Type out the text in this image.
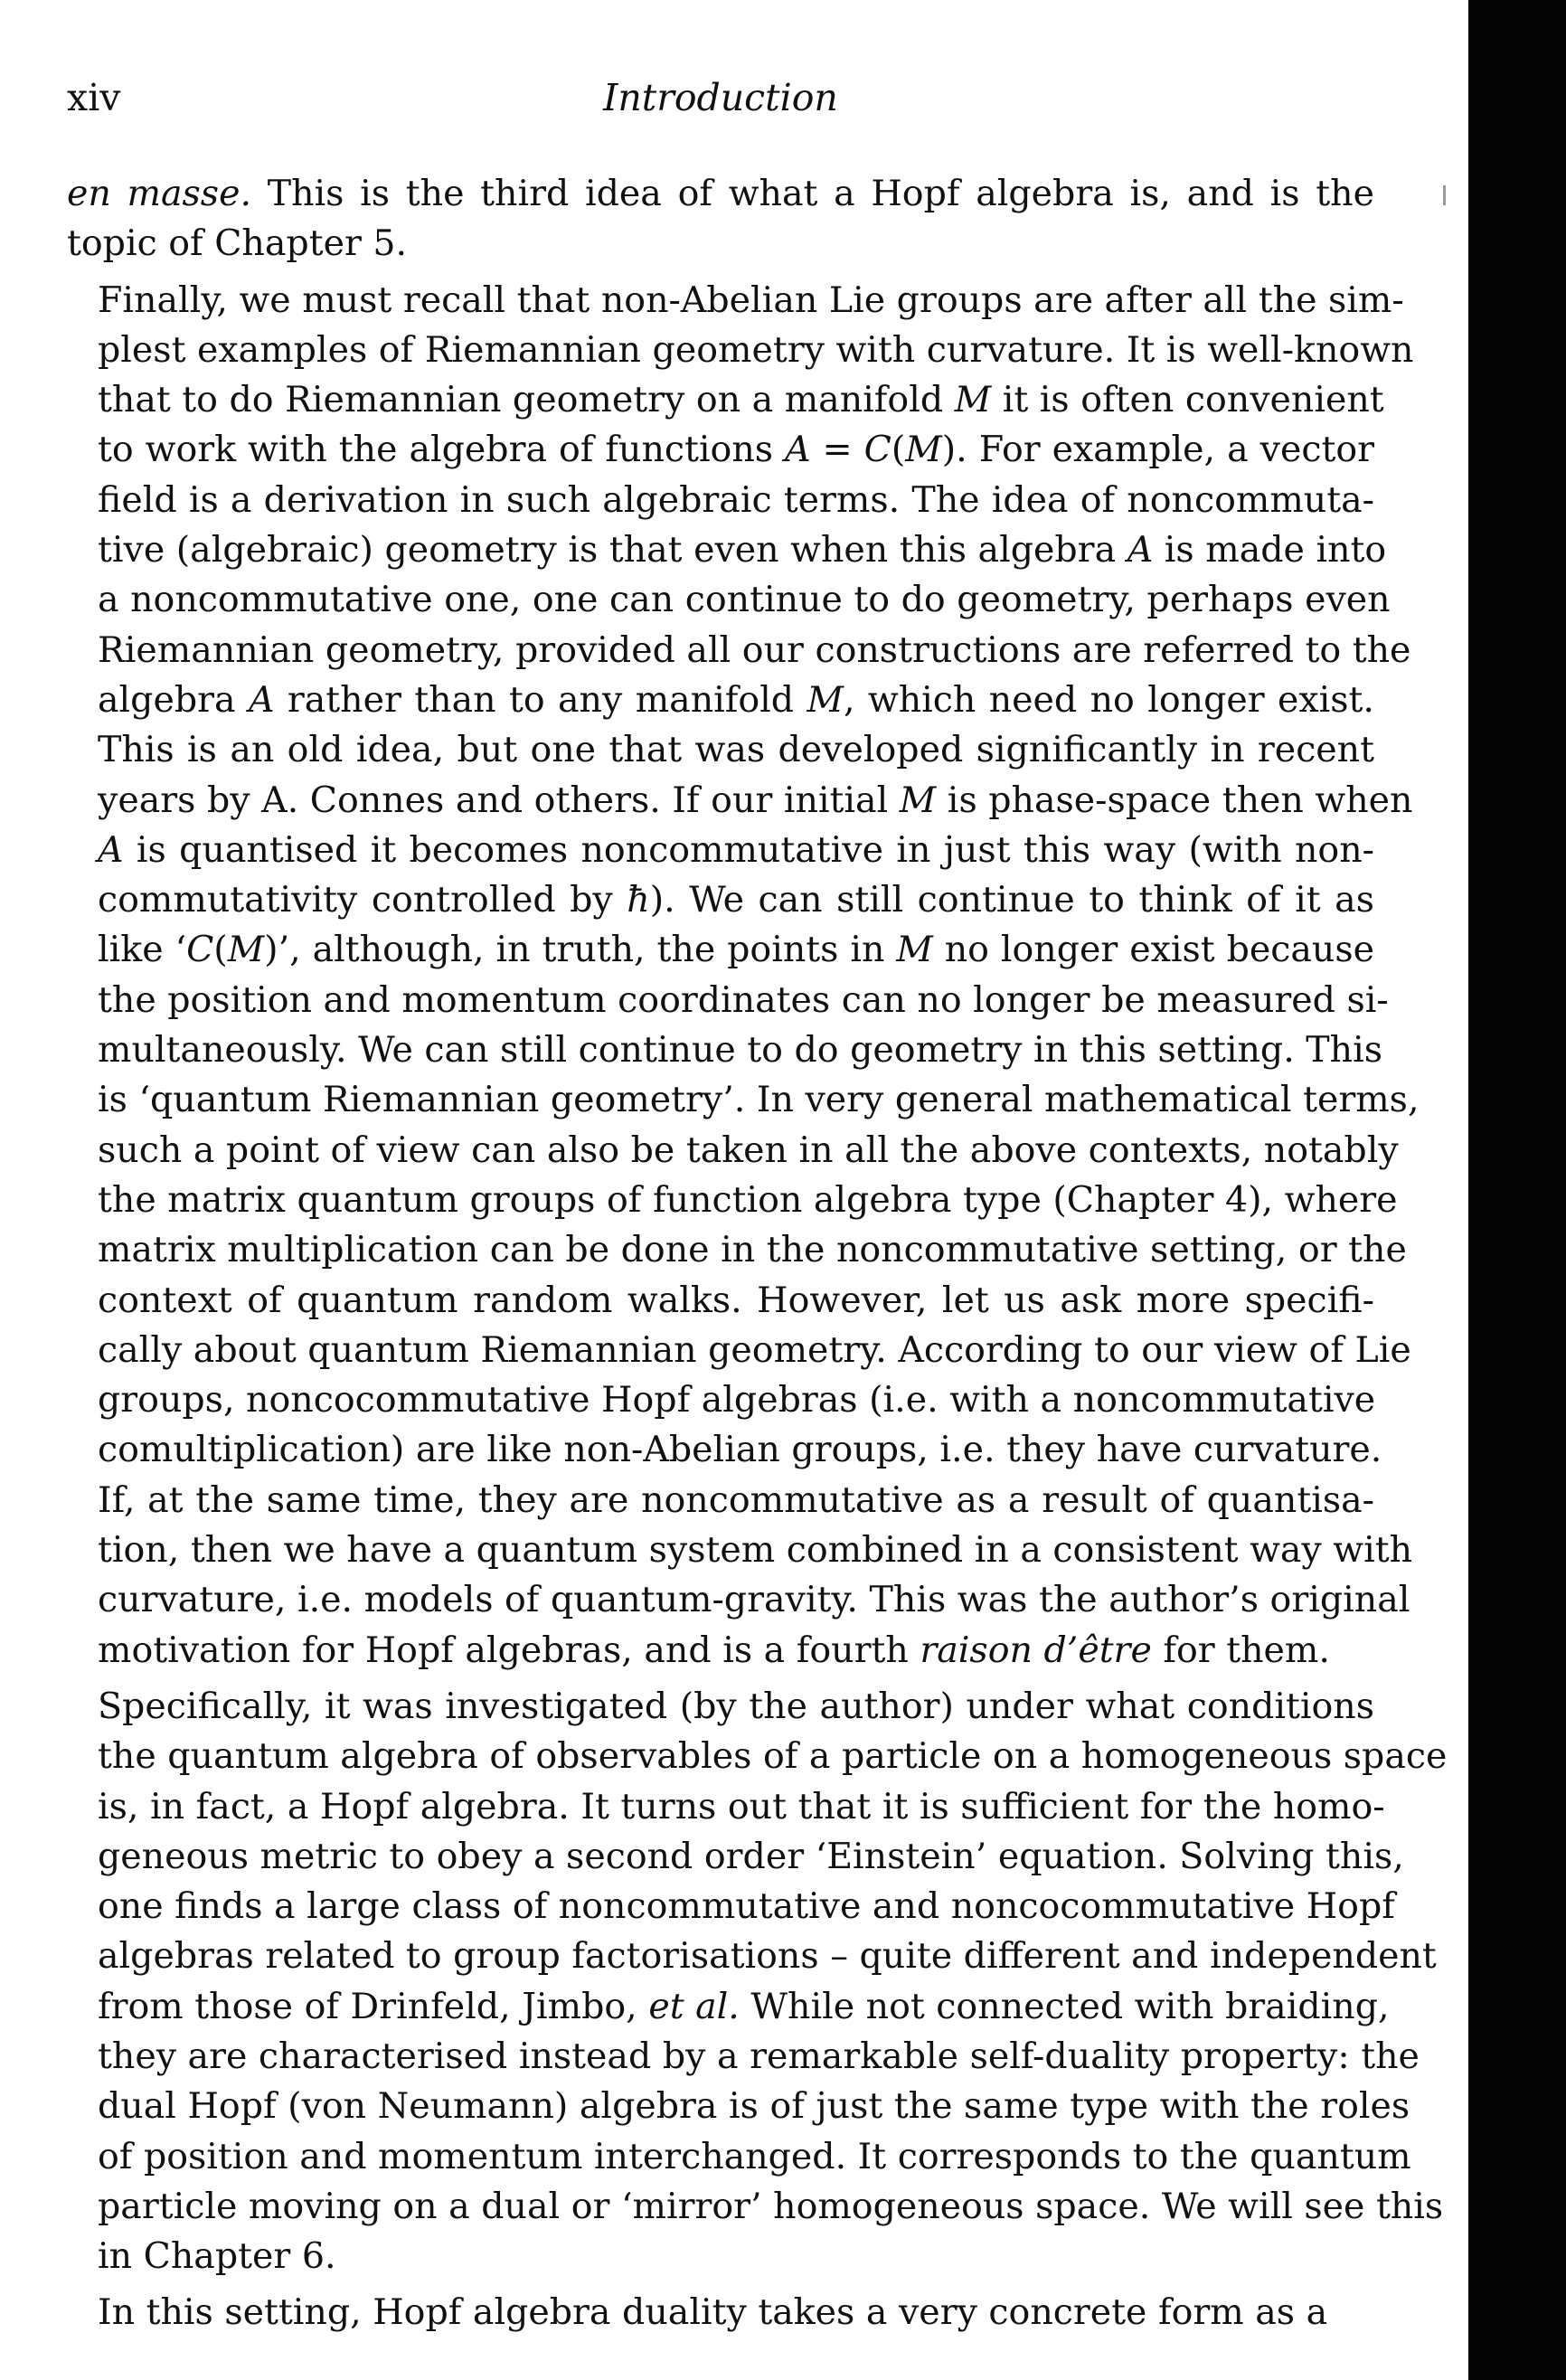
xiv	Introduction

en masse. This is the third idea of what a Hopf algebra is, and is the
topic of Chapter 5.

Finally, we must recall that non-Abelian Lie groups are after all the sim-
plest examples of Riemannian geometry with curvature. It is well-known
that to do Riemannian geometry on a manifold M it is often convenient
to work with the algebra of functions A = C(M). For example, a vector
field is a derivation in such algebraic terms. The idea of noncommuta-
tive (algebraic) geometry is that even when this algebra A is made into
a noncommutative one, one can continue to do geometry, perhaps even
Riemannian geometry, provided all our constructions are referred to the
algebra A rather than to any manifold M, which need no longer exist.
This is an old idea, but one that was developed significantly in recent
years by A. Connes and others. If our initial M is phase-space then when
A is quantised it becomes noncommutative in just this way (with non-
commutativity controlled by ħ). We can still continue to think of it as
like ‘C(M)’, although, in truth, the points in M no longer exist because
the position and momentum coordinates can no longer be measured si-
multaneously. We can still continue to do geometry in this setting. This
is ‘quantum Riemannian geometry’. In very general mathematical terms,
such a point of view can also be taken in all the above contexts, notably
the matrix quantum groups of function algebra type (Chapter 4), where
matrix multiplication can be done in the noncommutative setting, or the
context of quantum random walks. However, let us ask more specifi-
cally about quantum Riemannian geometry. According to our view of Lie
groups, noncocommutative Hopf algebras (i.e. with a noncommutative
comultiplication) are like non-Abelian groups, i.e. they have curvature.
If, at the same time, they are noncommutative as a result of quantisa-
tion, then we have a quantum system combined in a consistent way with
curvature, i.e. models of quantum-gravity. This was the author’s original
motivation for Hopf algebras, and is a fourth raison d’être for them.

Specifically, it was investigated (by the author) under what conditions
the quantum algebra of observables of a particle on a homogeneous space
is, in fact, a Hopf algebra. It turns out that it is sufficient for the homo-
geneous metric to obey a second order ‘Einstein’ equation. Solving this,
one finds a large class of noncommutative and noncocommutative Hopf
algebras related to group factorisations – quite different and independent
from those of Drinfeld, Jimbo, et al. While not connected with braiding,
they are characterised instead by a remarkable self-duality property: the
dual Hopf (von Neumann) algebra is of just the same type with the roles
of position and momentum interchanged. It corresponds to the quantum
particle moving on a dual or ‘mirror’ homogeneous space. We will see this
in Chapter 6.

In this setting, Hopf algebra duality takes a very concrete form as a
